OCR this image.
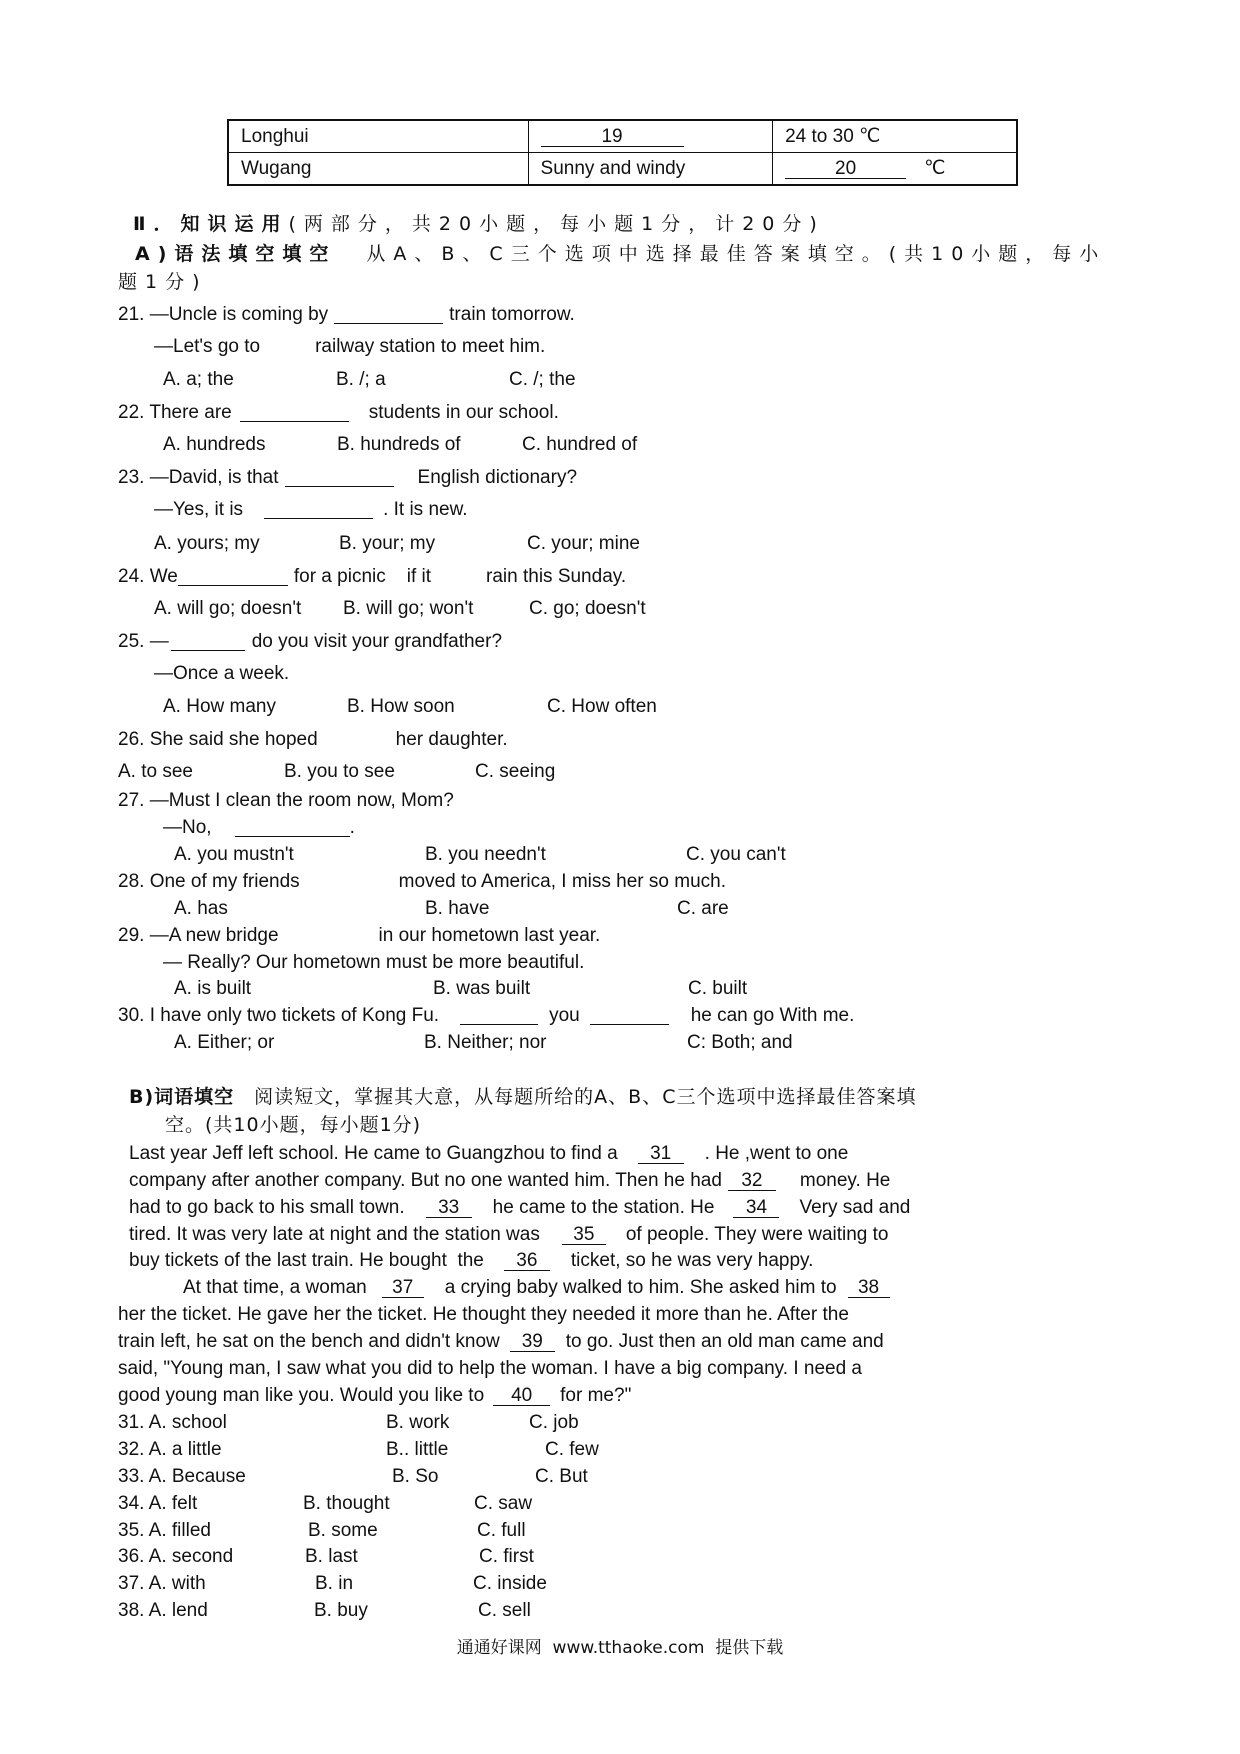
Longhui	19	24 to 30 ℃
Wugang	Sunny and windy	20 ℃
Ⅱ．知识运用(两部分，共20小题，每小题1分，计20分)
A)语法填空填空 从A、B、C三个选项中选择最佳答案填空。(共10小题，每小
题1分)
21. —Uncle is coming by	train tomorrow.
—Let's go to	railway station to meet him.
A. a; the	B. /; a	C. /; the
22. There are	students in our school.
A. hundreds	B. hundreds of	C. hundred of
23. —David, is that	English dictionary?
—Yes, it is	. It is new.
A. yours; my	B. your; my	C. your; mine
24. We	for a picnic if it	rain this Sunday.
A. will go; doesn't B. will go; won't	C. go; doesn't
25. —	do you visit your grandfather?
—Once a week.
A. How many	B. How soon	C. How often
26. She said she hoped	her daughter.
A. to see	B. you to see	C. seeing
27. —Must I clean the room now, Mom?
—No,	.
A. you mustn't	B. you needn't	C. you can't
28. One of my friends	moved to America, I miss her so much.
A. has	B. have	C. are
29. —A new bridge	in our hometown last year.
— Really? Our hometown must be more beautiful.
A. is built	B. was built	C. built
30. I have only two tickets of Kong Fu.	you	he can go With me.
A. Either; or	B. Neither; nor	C: Both; and
B)词语填空 阅读短文，掌握其大意，从每题所给的A、B、C三个选项中选择最佳答案填
空。(共10小题，每小题1分)
Last year Jeff left school. He came to Guangzhou to find a 31 . He ,went to one
company after another company. But no one wanted him. Then he had 32 money. He
had to go back to his small town. 33 he came to the station. He 34 Very sad and
tired. It was very late at night and the station was 35 of people. They were waiting to
buy tickets of the last train. He bought  the 36 ticket, so he was very happy.
At that time, a woman 37 a crying baby walked to him. She asked him to 38
her the ticket. He gave her the ticket. He thought they needed it more than he. After the
train left, he sat on the bench and didn't know 39 to go. Just then an old man came and
said, "Young man, I saw what you did to help the woman. I have a big company. I need a
good young man like you. Would you like to 40 for me?"
31. A. school	B. work	C. job
32. A. a little	B.. little	C. few
33. A. Because	B. So	C. But
34. A. felt	B. thought	C. saw
35. A. filled	B. some	C. full
36. A. second	B. last	C. first
37. A. with	B. in	C. inside
38. A. lend	B. buy	C. sell
通通好课网  www.tthaoke.com  提供下载
